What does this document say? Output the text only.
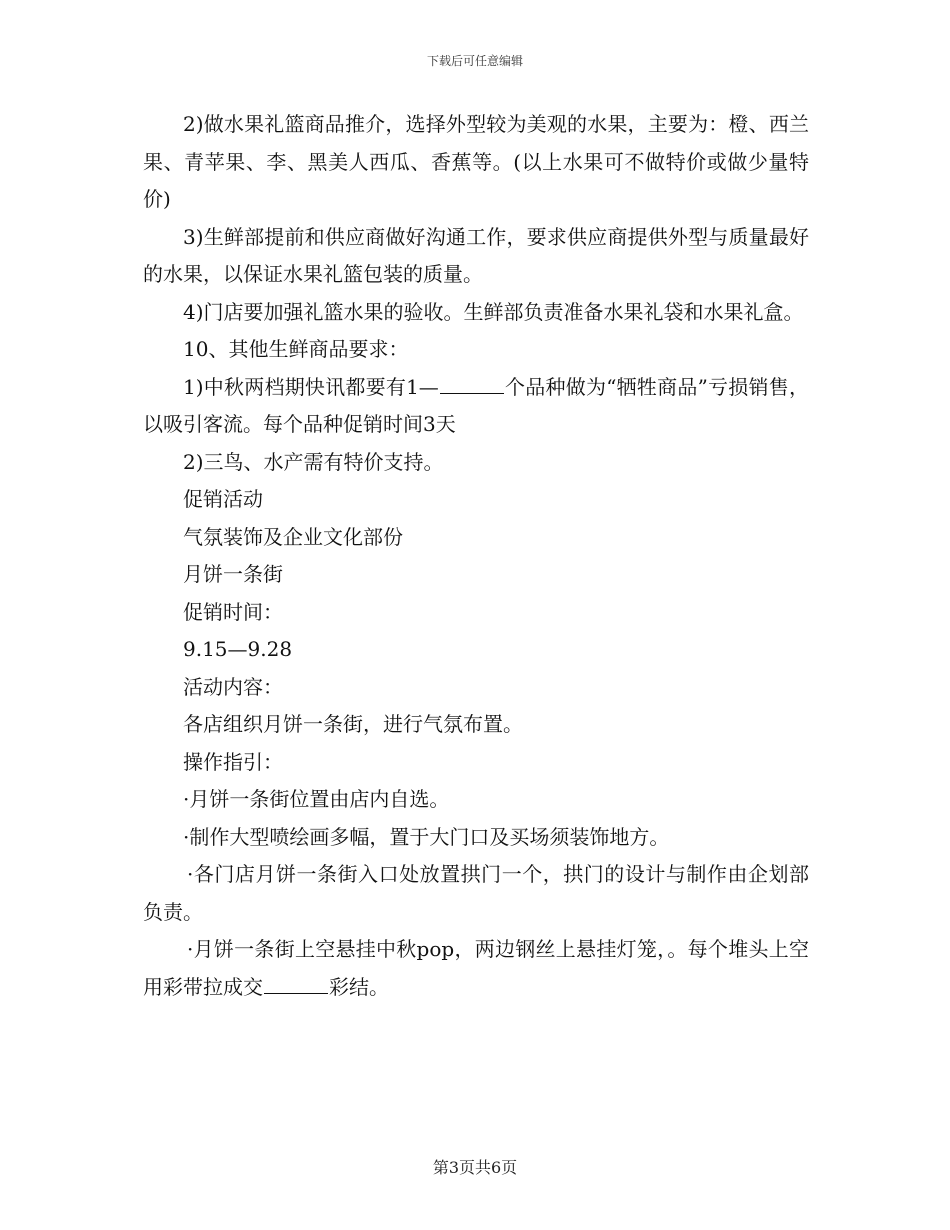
下载后可任意编辑

2)做水果礼篮商品推介，选择外型较为美观的水果，主要为：橙、西兰果、青苹果、李、黑美人西瓜、香蕉等。(以上水果可不做特价或做少量特价)

3)生鲜部提前和供应商做好沟通工作，要求供应商提供外型与质量最好的水果，以保证水果礼篮包装的质量。

4)门店要加强礼篮水果的验收。生鲜部负责准备水果礼袋和水果礼盒。

10、其他生鲜商品要求：

1)中秋两档期快讯都要有1—	个品种做为“牺牲商品”亏损销售，以吸引客流。每个品种促销时间3天

2)三鸟、水产需有特价支持。

促销活动

气氛装饰及企业文化部份

月饼一条街

促销时间：

9.15—9.28

活动内容：

各店组织月饼一条街，进行气氛布置。

操作指引：

·月饼一条街位置由店内自选。

·制作大型喷绘画多幅，置于大门口及买场须装饰地方。

·各门店月饼一条街入口处放置拱门一个，拱门的设计与制作由企划部负责。

·月饼一条街上空悬挂中秋pop，两边钢丝上悬挂灯笼，。每个堆头上空用彩带拉成交	彩结。

第3页共6页
